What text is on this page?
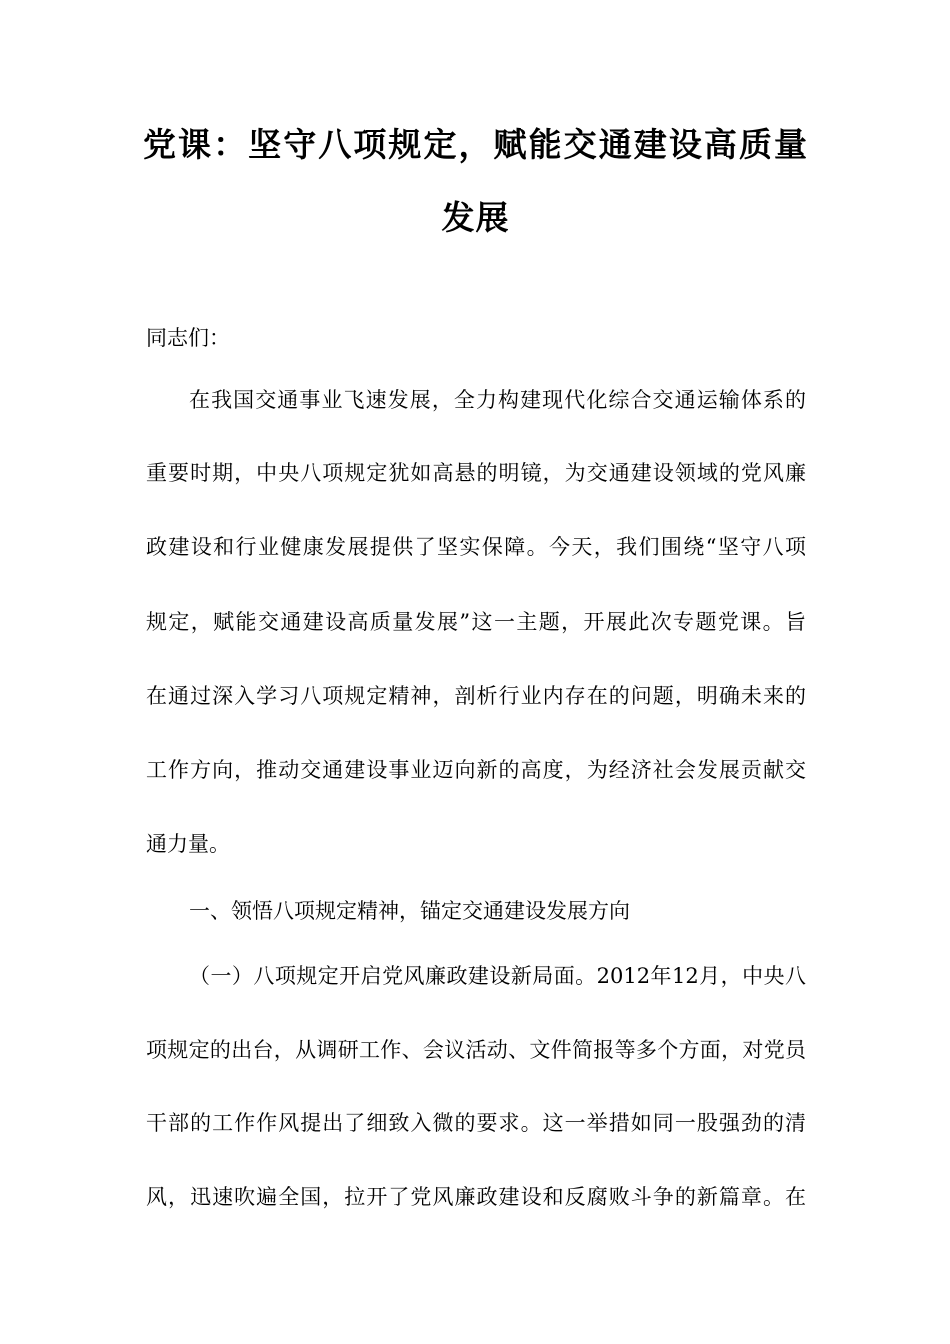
党课：坚守八项规定，赋能交通建设高质量
发展
同志们：
在我国交通事业飞速发展，全力构建现代化综合交通运输体系的
重要时期，中央八项规定犹如高悬的明镜，为交通建设领域的党风廉
政建设和行业健康发展提供了坚实保障。今天，我们围绕“坚守八项
规定，赋能交通建设高质量发展”这一主题，开展此次专题党课。旨
在通过深入学习八项规定精神，剖析行业内存在的问题，明确未来的
工作方向，推动交通建设事业迈向新的高度，为经济社会发展贡献交
通力量。
一、领悟八项规定精神，锚定交通建设发展方向
（一）八项规定开启党风廉政建设新局面。2012年12月，中央八
项规定的出台，从调研工作、会议活动、文件简报等多个方面，对党员
干部的工作作风提出了细致入微的要求。这一举措如同一股强劲的清
风，迅速吹遍全国，拉开了党风廉政建设和反腐败斗争的新篇章。在
